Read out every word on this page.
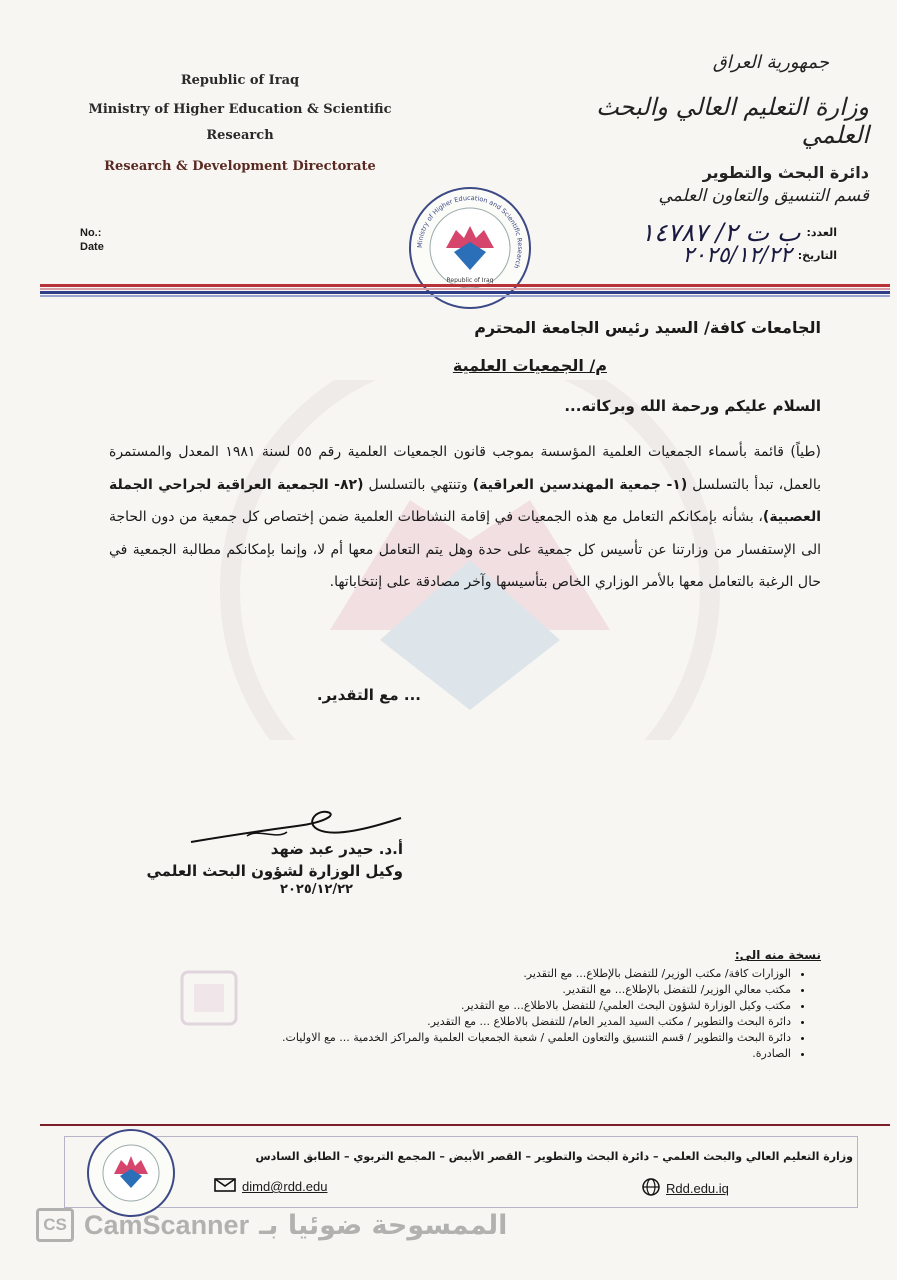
Republic of Iraq
Ministry of Higher Education & Scientific
Research
Research & Development Directorate
جمهورية العراق
وزارة التعليم العالي والبحث العلمي
دائرة البحث والتطوير
قسم التنسيق والتعاون العلمي
No.:
Date
العدد:
ب ت ٢/ ١٤٧٨٧
التاريخ:
٢٠٢٥/١٢/٢٢
Ministry of Higher Education and Scientific Research
Republic of Iraq
الجامعات كافة/ السيد رئيس الجامعة المحترم
م/ الجمعيات العلمية
السلام عليكم ورحمة الله وبركاته...
(طياً) قائمة بأسماء الجمعيات العلمية المؤسسة بموجب قانون الجمعيات العلمية رقم ٥٥ لسنة ١٩٨١ المعدل والمستمرة بالعمل، تبدأ بالتسلسل (١- جمعية المهندسين العراقية) وتنتهي بالتسلسل (٨٢- الجمعية العراقية لجراحي الجملة العصبية)، بشأنه بإمكانكم التعامل مع هذه الجمعيات في إقامة النشاطات العلمية ضمن إختصاص كل جمعية من دون الحاجة الى الإستفسار من وزارتنا عن تأسيس كل جمعية على حدة وهل يتم التعامل معها أم لا، وإنما بإمكانكم مطالبة الجمعية في حال الرغبة بالتعامل معها بالأمر الوزاري الخاص بتأسيسها وآخر مصادقة على إنتخاباتها.
... مع التقدير.
أ.د. حيدر عبد ضهد
وكيل الوزارة لشؤون البحث العلمي
٢٠٢٥/١٢/٢٢
نسخة منه الى:
• الوزارات كافة/ مكتب الوزير/ للتفضل بالإطلاع... مع التقدير.
• مكتب معالي الوزير/ للتفضل بالإطلاع... مع التقدير.
• مكتب وكيل الوزارة لشؤون البحث العلمي/ للتفضل بالاطلاع... مع التقدير.
• دائرة البحث والتطوير / مكتب السيد المدير العام/ للتفضل بالاطلاع ... مع التقدير.
• دائرة البحث والتطوير / قسم التنسيق والتعاون العلمي / شعبة الجمعيات العلمية والمراكز الخدمية ... مع الاوليات.
• الصادرة.
وزارة التعليم العالي والبحث العلمي – دائرة البحث والتطوير – القصر الأبيض – المجمع التربوي – الطابق السادس
dimd@rdd.edu	Rdd.edu.iq
CS CamScanner الممسوحة ضوئيا بـ
